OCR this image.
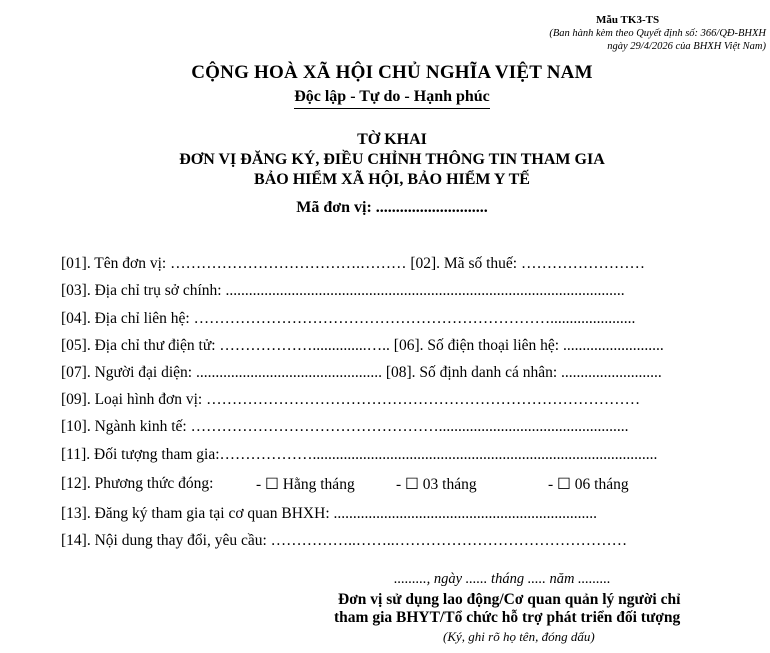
Mẫu TK3-TS
(Ban hành kèm theo Quyết định số: 366/QĐ-BHXH
ngày 29/4/2026 của BHXH Việt Nam)
CỘNG HOÀ XÃ HỘI CHỦ NGHĨA VIỆT NAM
Độc lập - Tự do - Hạnh phúc
TỜ KHAI
ĐƠN VỊ ĐĂNG KÝ, ĐIỀU CHỈNH THÔNG TIN THAM GIA
BẢO HIỂM XÃ HỘI, BẢO HIỂM Y TẾ
Mã đơn vị: ............................
[01]. Tên đơn vị: ……………………………….……… [02]. Mã số thuế: ……………………
[03]. Địa chỉ trụ sở chính: .......................................................................................................
[04]. Địa chỉ liên hệ: ……………………………………………………………......................
[05]. Địa chỉ thư điện tử: ………………..............….. [06]. Số điện thoại liên hệ: ..........................
[07]. Người đại diện: ................................................ [08]. Số định danh cá nhân: ..........................
[09]. Loại hình đơn vị: …………………………………………………………………………
[10]. Ngành kinh tế: ………………………………………….................................................
[11]. Đối tượng tham gia:……………….........................................................................................
[12]. Phương thức đóng:	- ☐ Hằng tháng	- ☐ 03 tháng	- ☐ 06 tháng
[13]. Đăng ký tham gia tại cơ quan BHXH: ....................................................................
[14]. Nội dung thay đổi, yêu cầu: ……………..……..………………………………………
........., ngày ...... tháng ..... năm .........
Đơn vị sử dụng lao động/Cơ quan quản lý người chỉ
tham gia BHYT/Tổ chức hỗ trợ phát triển đối tượng
(Ký, ghi rõ họ tên, đóng dấu)
